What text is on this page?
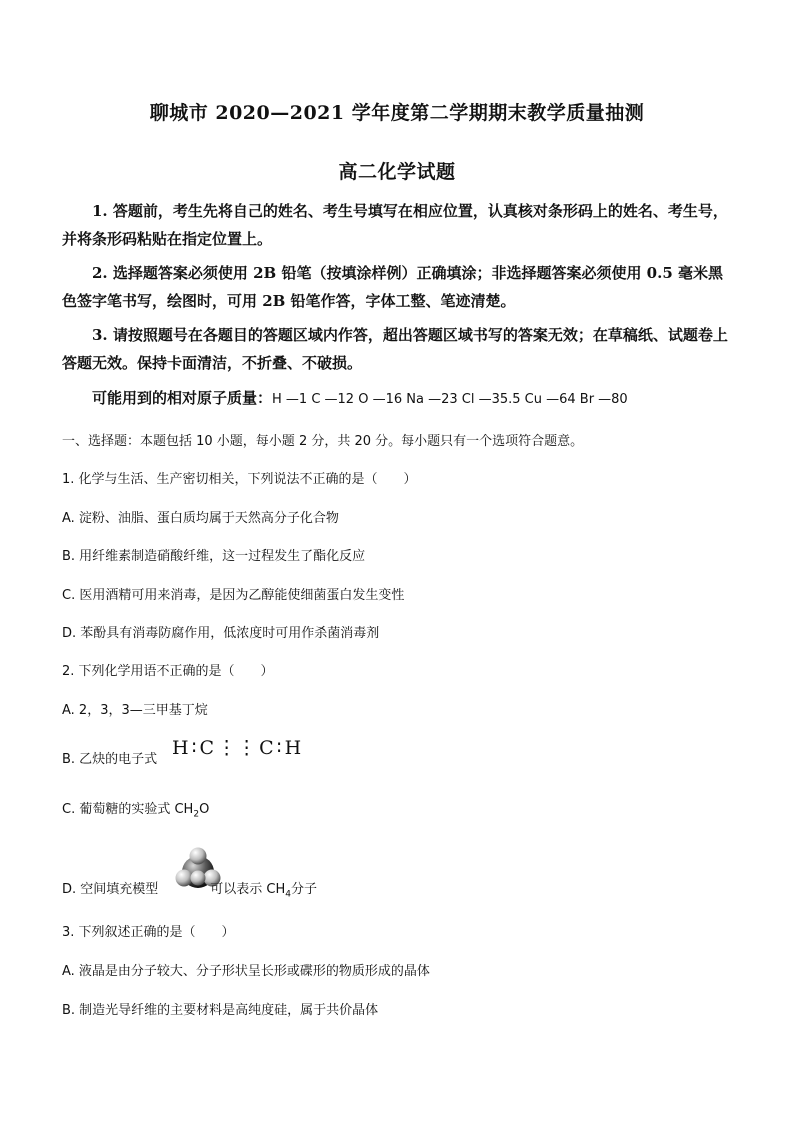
聊城市 2020—2021 学年度第二学期期末教学质量抽测
高二化学试题
1. 答题前，考生先将自己的姓名、考生号填写在相应位置，认真核对条形码上的姓名、考生号，并将条形码粘贴在指定位置上。
2. 选择题答案必须使用 2B 铅笔（按填涂样例）正确填涂；非选择题答案必须使用 0.5 毫米黑色签字笔书写，绘图时，可用 2B 铅笔作答，字体工整、笔迹清楚。
3. 请按照题号在各题目的答题区域内作答，超出答题区域书写的答案无效；在草稿纸、试题卷上答题无效。保持卡面清洁，不折叠、不破损。
可能用到的相对原子质量：H —1 C —12 O —16 Na —23 Cl —35.5 Cu —64 Br —80
一、选择题：本题包括 10 小题，每小题 2 分，共 20 分。每小题只有一个选项符合题意。
1. 化学与生活、生产密切相关，下列说法不正确的是（　　）
A. 淀粉、油脂、蛋白质均属于天然高分子化合物
B. 用纤维素制造硝酸纤维，这一过程发生了酯化反应
C. 医用酒精可用来消毒，是因为乙醇能使细菌蛋白发生变性
D. 苯酚具有消毒防腐作用，低浓度时可用作杀菌消毒剂
2. 下列化学用语不正确的是（　　）
A. 2，3，3—三甲基丁烷
B. 乙炔的电子式
H ∶ C ⋮⋮ C ∶ H
C. 葡萄糖的实验式 $CH_2O$
D. 空间填充模型	可以表示 $CH_4$分子
3. 下列叙述正确的是（　　）
A. 液晶是由分子较大、分子形状呈长形或碟形的物质形成的晶体
B. 制造光导纤维的主要材料是高纯度硅，属于共价晶体
